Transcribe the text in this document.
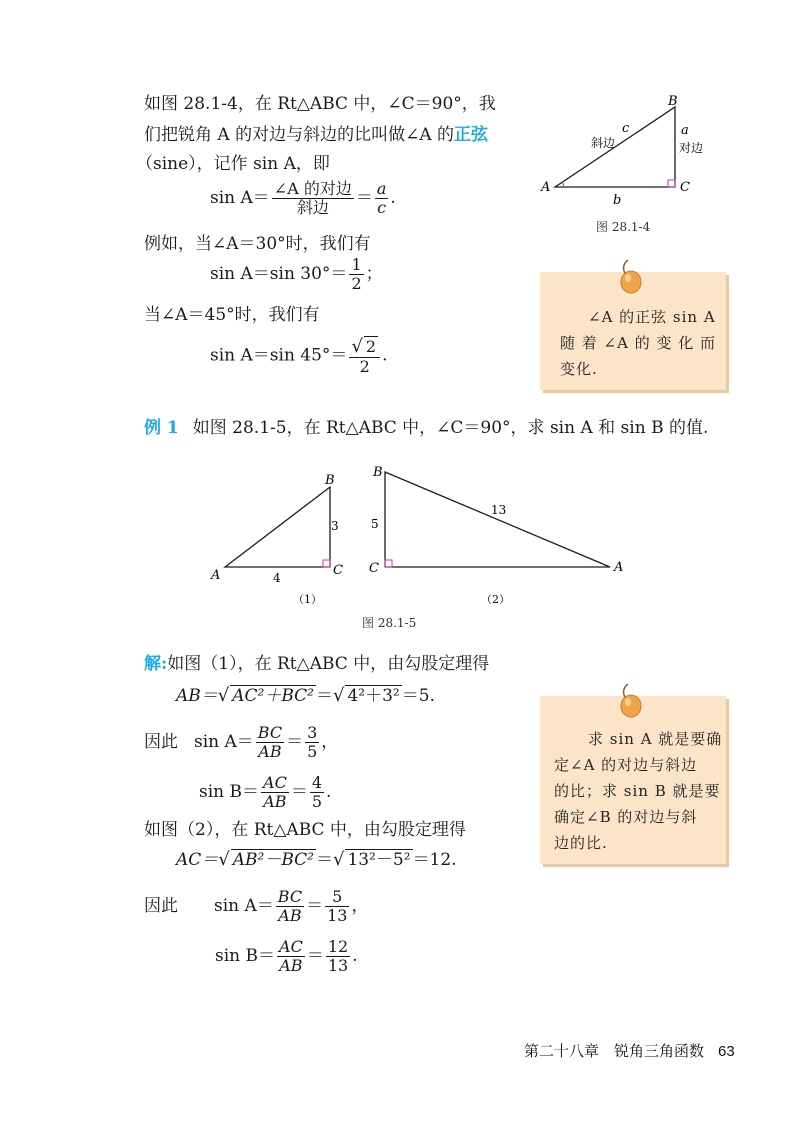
如图 28.1-4，在 Rt△ABC 中，∠C＝90°，我
们把锐角 A 的对边与斜边的比叫做∠A 的正弦
（sine），记作 sin A，即
$\sin A= \frac{\text{∠A 的对边}}{\text{斜边}} = \frac{a}{c}$ .
例如，当∠A＝30°时，我们有
sin A＝sin $30^\circ= \frac{1}{2}$ ；
当∠A＝45°时，我们有
sin A＝sin $45^\circ= \frac{√ 2}{2}$ .
A
B
C
c
斜边
a
对边
b
图 28.1-4
∠A 的正弦 sin A
随 着 ∠A 的 变 化 而
变化.
例 1 如图 28.1-5，在 Rt△ABC 中，∠C＝90°，求 sin A 和 sin B 的值.
A
B
C
3
4
B
C	A
5
13
（1）	（2）
图 28.1-5
解:如图（1），在 Rt△ABC 中，由勾股定理得
AB＝√ AC²＋BC² ＝√ 4²＋3² ＝5.
因此 $\sin A= \frac{BC}{AB} = \frac{3}{5}$ ，
$\sin B= \frac{AC}{AB} = \frac{4}{5}$ .
如图（2），在 Rt△ABC 中，由勾股定理得
AC＝√ AB²－BC² ＝√ 13²－5² ＝12.
因此 $\sin A= \frac{BC}{AB} = \frac{5}{13}$ ，
$\sin B= \frac{AC}{AB} = \frac{12}{13}$ .
求 sin A 就是要确
定∠A 的对边与斜边
的比；求 sin B 就是要
确定∠B 的对边与斜
边的比.
第二十八章　锐角三角函数 63
